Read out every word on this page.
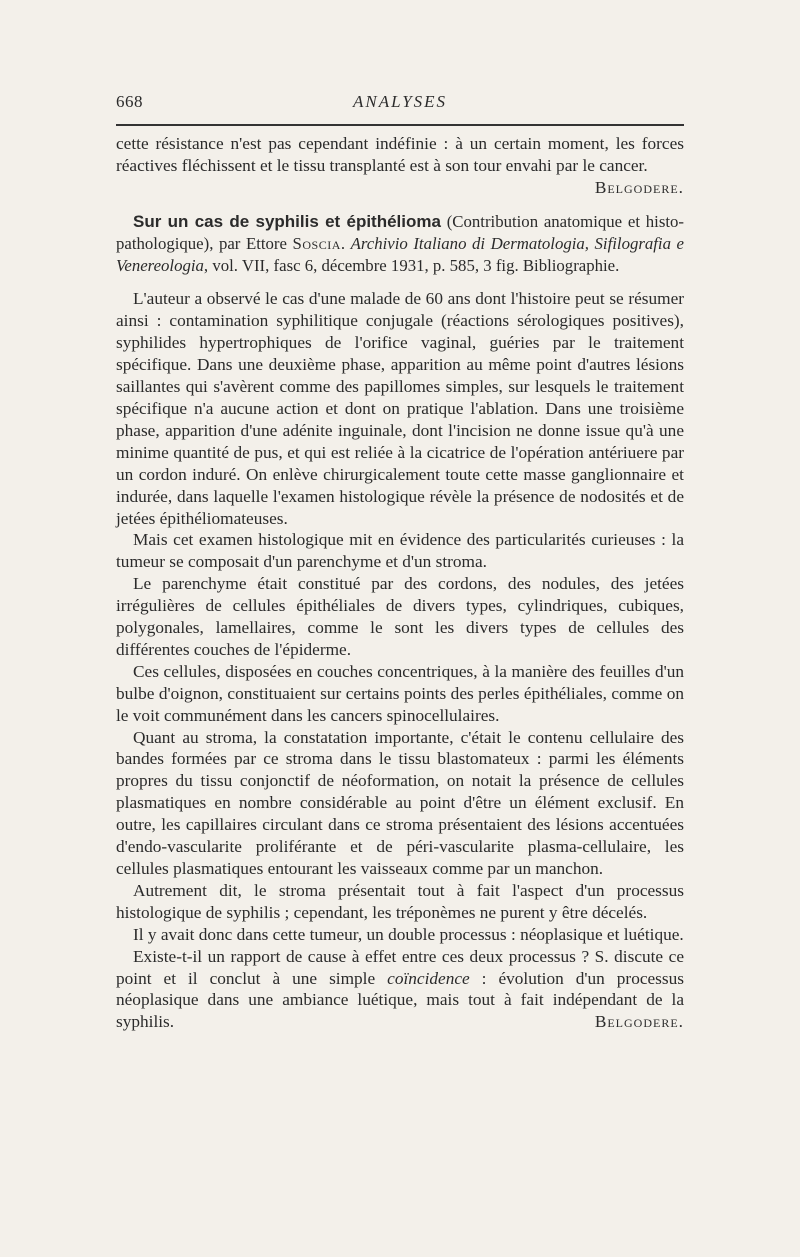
668	ANALYSES

cette résistance n'est pas cependant indéfinie : à un certain moment, les forces réactives fléchissent et le tissu transplanté est à son tour envahi par le cancer.
Belgodere.

Sur un cas de syphilis et épithélioma (Contribution anatomique et histo-pathologique), par Ettore Soscia. Archivio Italiano di Dermatologia, Sifilografia e Venereologia, vol. VII, fasc 6, décembre 1931, p. 585, 3 fig. Bibliographie.

L'auteur a observé le cas d'une malade de 60 ans dont l'histoire peut se résumer ainsi : contamination syphilitique conjugale (réactions sérologiques positives), syphilides hypertrophiques de l'orifice vaginal, guéries par le traitement spécifique. Dans une deuxième phase, apparition au même point d'autres lésions saillantes qui s'avèrent comme des papillomes simples, sur lesquels le traitement spécifique n'a aucune action et dont on pratique l'ablation. Dans une troisième phase, apparition d'une adénite inguinale, dont l'incision ne donne issue qu'à une minime quantité de pus, et qui est reliée à la cicatrice de l'opération antériuere par un cordon induré. On enlève chirurgicalement toute cette masse ganglionnaire et indurée, dans laquelle l'examen histologique révèle la présence de nodosités et de jetées épithéliomateuses.

Mais cet examen histologique mit en évidence des particularités curieuses : la tumeur se composait d'un parenchyme et d'un stroma.

Le parenchyme était constitué par des cordons, des nodules, des jetées irrégulières de cellules épithéliales de divers types, cylindriques, cubiques, polygonales, lamellaires, comme le sont les divers types de cellules des différentes couches de l'épiderme.

Ces cellules, disposées en couches concentriques, à la manière des feuilles d'un bulbe d'oignon, constituaient sur certains points des perles épithéliales, comme on le voit communément dans les cancers spinocellulaires.

Quant au stroma, la constatation importante, c'était le contenu cellulaire des bandes formées par ce stroma dans le tissu blastomateux : parmi les éléments propres du tissu conjonctif de néoformation, on notait la présence de cellules plasmatiques en nombre considérable au point d'être un élément exclusif. En outre, les capillaires circulant dans ce stroma présentaient des lésions accentuées d'endo-vascularite proliférante et de péri-vascularite plasma-cellulaire, les cellules plasmatiques entourant les vaisseaux comme par un manchon.

Autrement dit, le stroma présentait tout à fait l'aspect d'un processus histologique de syphilis ; cependant, les tréponèmes ne purent y être décelés.

Il y avait donc dans cette tumeur, un double processus : néoplasique et luétique.

Existe-t-il un rapport de cause à effet entre ces deux processus ? S. discute ce point et il conclut à une simple coïncidence : évolution d'un processus néoplasique dans une ambiance luétique, mais tout à fait indépendant de la syphilis.	Belgodere.
